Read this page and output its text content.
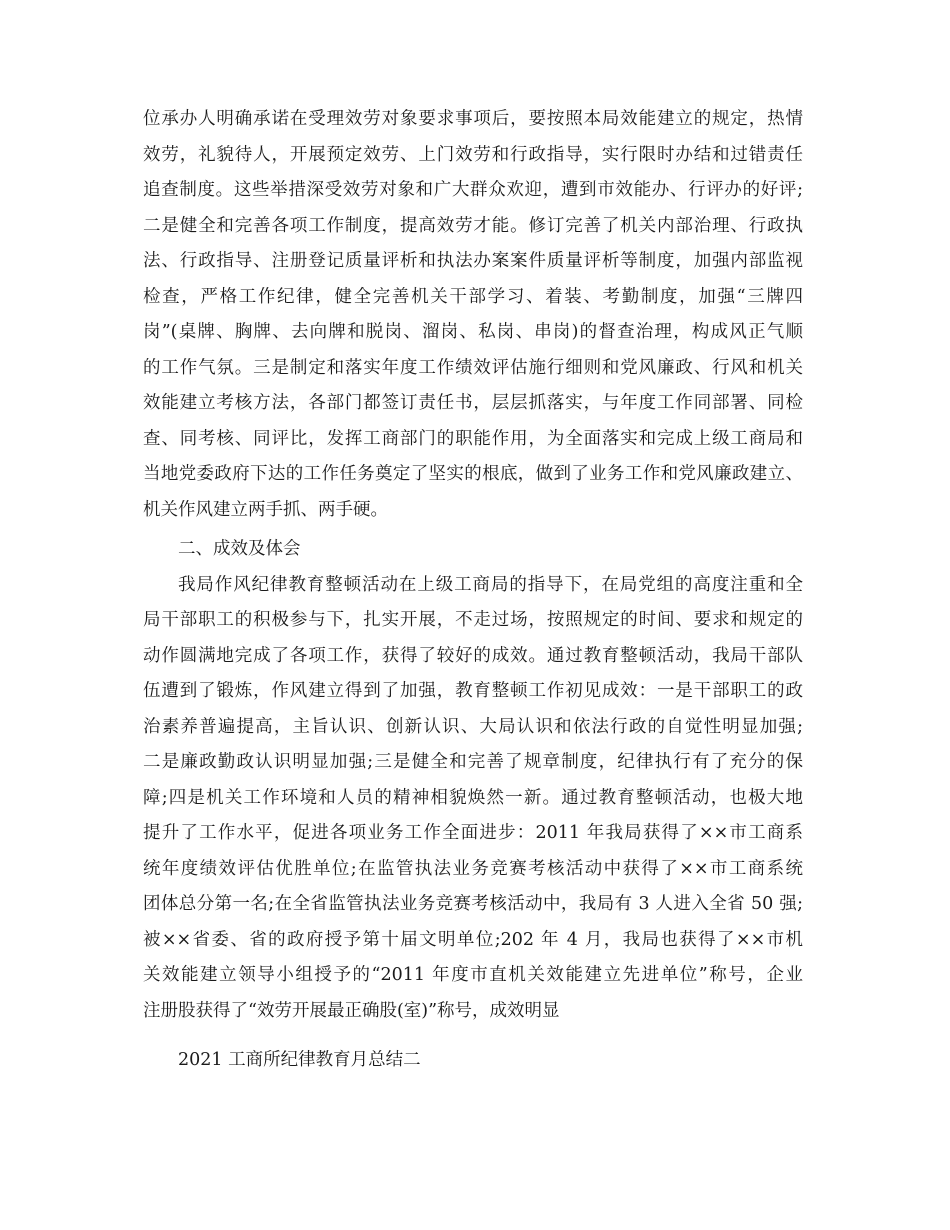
位承办人明确承诺在受理效劳对象要求事项后，要按照本局效能建立的规定，热情
效劳，礼貌待人，开展预定效劳、上门效劳和行政指导，实行限时办结和过错责任
追查制度。这些举措深受效劳对象和广大群众欢迎，遭到市效能办、行评办的好评;
二是健全和完善各项工作制度，提高效劳才能。修订完善了机关内部治理、行政执
法、行政指导、注册登记质量评析和执法办案案件质量评析等制度，加强内部监视
检查，严格工作纪律，健全完善机关干部学习、着装、考勤制度，加强“三牌四
岗”(桌牌、胸牌、去向牌和脱岗、溜岗、私岗、串岗)的督查治理，构成风正气顺
的工作气氛。三是制定和落实年度工作绩效评估施行细则和党风廉政、行风和机关
效能建立考核方法，各部门都签订责任书，层层抓落实，与年度工作同部署、同检
查、同考核、同评比，发挥工商部门的职能作用，为全面落实和完成上级工商局和
当地党委政府下达的工作任务奠定了坚实的根底，做到了业务工作和党风廉政建立、
机关作风建立两手抓、两手硬。
二、成效及体会
我局作风纪律教育整顿活动在上级工商局的指导下，在局党组的高度注重和全
局干部职工的积极参与下，扎实开展，不走过场，按照规定的时间、要求和规定的
动作圆满地完成了各项工作，获得了较好的成效。通过教育整顿活动，我局干部队
伍遭到了锻炼，作风建立得到了加强，教育整顿工作初见成效：一是干部职工的政
治素养普遍提高，主旨认识、创新认识、大局认识和依法行政的自觉性明显加强;
二是廉政勤政认识明显加强;三是健全和完善了规章制度，纪律执行有了充分的保
障;四是机关工作环境和人员的精神相貌焕然一新。通过教育整顿活动，也极大地
提升了工作水平，促进各项业务工作全面进步：2011 年我局获得了××市工商系
统年度绩效评估优胜单位;在监管执法业务竞赛考核活动中获得了××市工商系统
团体总分第一名;在全省监管执法业务竞赛考核活动中，我局有 3 人进入全省 50 强;
被××省委、省的政府授予第十届文明单位;202 年 4 月，我局也获得了××市机
关效能建立领导小组授予的“2011 年度市直机关效能建立先进单位”称号，企业
注册股获得了“效劳开展最正确股(室)”称号，成效明显
2021 工商所纪律教育月总结二
